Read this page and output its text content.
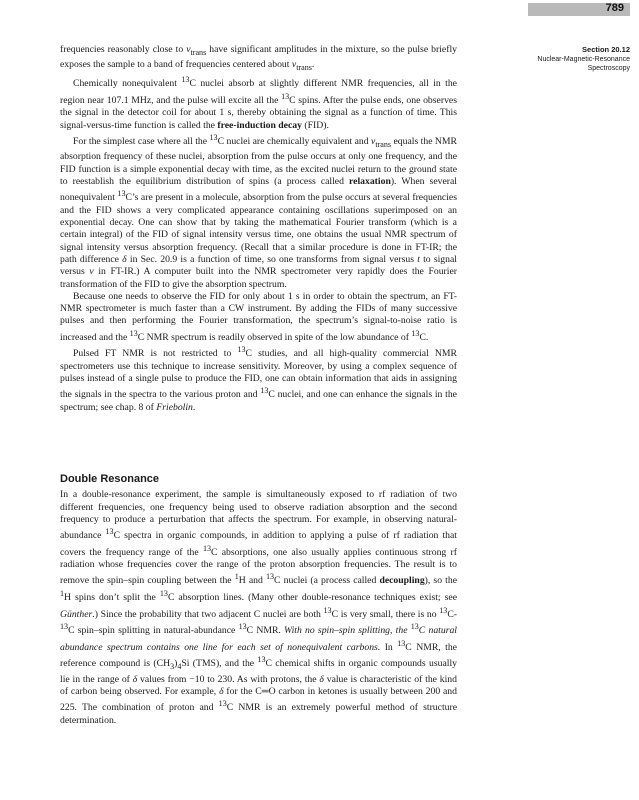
789
Section 20.12
Nuclear-Magnetic-Resonance Spectroscopy

frequencies reasonably close to $\nu_{trans}$ have significant amplitudes in the mixture, so the pulse briefly exposes the sample to a band of frequencies centered about $\nu_{trans}$.

Chemically nonequivalent $^{13}$C nuclei absorb at slightly different NMR frequencies, all in the region near 107.1 MHz, and the pulse will excite all the $^{13}$C spins. After the pulse ends, one observes the signal in the detector coil for about 1 s, thereby obtaining the signal as a function of time. This signal-versus-time function is called the free-induction decay (FID).

For the simplest case where all the $^{13}$C nuclei are chemically equivalent and $\nu_{trans}$ equals the NMR absorption frequency of these nuclei, absorption from the pulse occurs at only one frequency, and the FID function is a simple exponential decay with time, as the excited nuclei return to the ground state to reestablish the equilibrium distribution of spins (a process called relaxation). When several nonequivalent $^{13}$C’s are present in a molecule, absorption from the pulse occurs at several frequencies and the FID shows a very complicated appearance containing oscillations superimposed on an exponential decay. One can show that by taking the mathematical Fourier transform (which is a certain integral) of the FID of signal intensity versus time, one obtains the usual NMR spectrum of signal intensity versus absorption frequency. (Recall that a similar procedure is done in FT-IR; the path difference δ in Sec. 20.9 is a function of time, so one transforms from signal versus t to signal versus ν in FT-IR.) A computer built into the NMR spectrometer very rapidly does the Fourier transformation of the FID to give the absorption spectrum.

Because one needs to observe the FID for only about 1 s in order to obtain the spectrum, an FT-NMR spectrometer is much faster than a CW instrument. By adding the FIDs of many successive pulses and then performing the Fourier transformation, the spectrum’s signal-to-noise ratio is increased and the $^{13}$C NMR spectrum is readily observed in spite of the low abundance of $^{13}$C.

Pulsed FT NMR is not restricted to $^{13}$C studies, and all high-quality commercial NMR spectrometers use this technique to increase sensitivity. Moreover, by using a complex sequence of pulses instead of a single pulse to produce the FID, one can obtain information that aids in assigning the signals in the spectra to the various proton and $^{13}$C nuclei, and one can enhance the signals in the spectrum; see chap. 8 of Friebolin.

Double Resonance

In a double-resonance experiment, the sample is simultaneously exposed to rf radiation of two different frequencies, one frequency being used to observe radiation absorption and the second frequency to produce a perturbation that affects the spectrum. For example, in observing natural-abundance $^{13}$C spectra in organic compounds, in addition to applying a pulse of rf radiation that covers the frequency range of the $^{13}$C absorptions, one also usually applies continuous strong rf radiation whose frequencies cover the range of the proton absorption frequencies. The result is to remove the spin–spin coupling between the $^1$H and $^{13}$C nuclei (a process called decoupling), so the $^1$H spins don’t split the $^{13}$C absorption lines. (Many other double-resonance techniques exist; see Günther.) Since the probability that two adjacent C nuclei are both $^{13}$C is very small, there is no $^{13}$C-$^{13}$C spin–spin splitting in natural-abundance $^{13}$C NMR. With no spin–spin splitting, the $^{13}$C natural abundance spectrum contains one line for each set of nonequivalent carbons. In $^{13}$C NMR, the reference compound is $(CH_3)_4Si$ (TMS), and the $^{13}$C chemical shifts in organic compounds usually lie in the range of δ values from −10 to 230. As with protons, the δ value is characteristic of the kind of carbon being observed. For example, δ for the C═O carbon in ketones is usually between 200 and 225. The combination of proton and $^{13}$C NMR is an extremely powerful method of structure determination.
